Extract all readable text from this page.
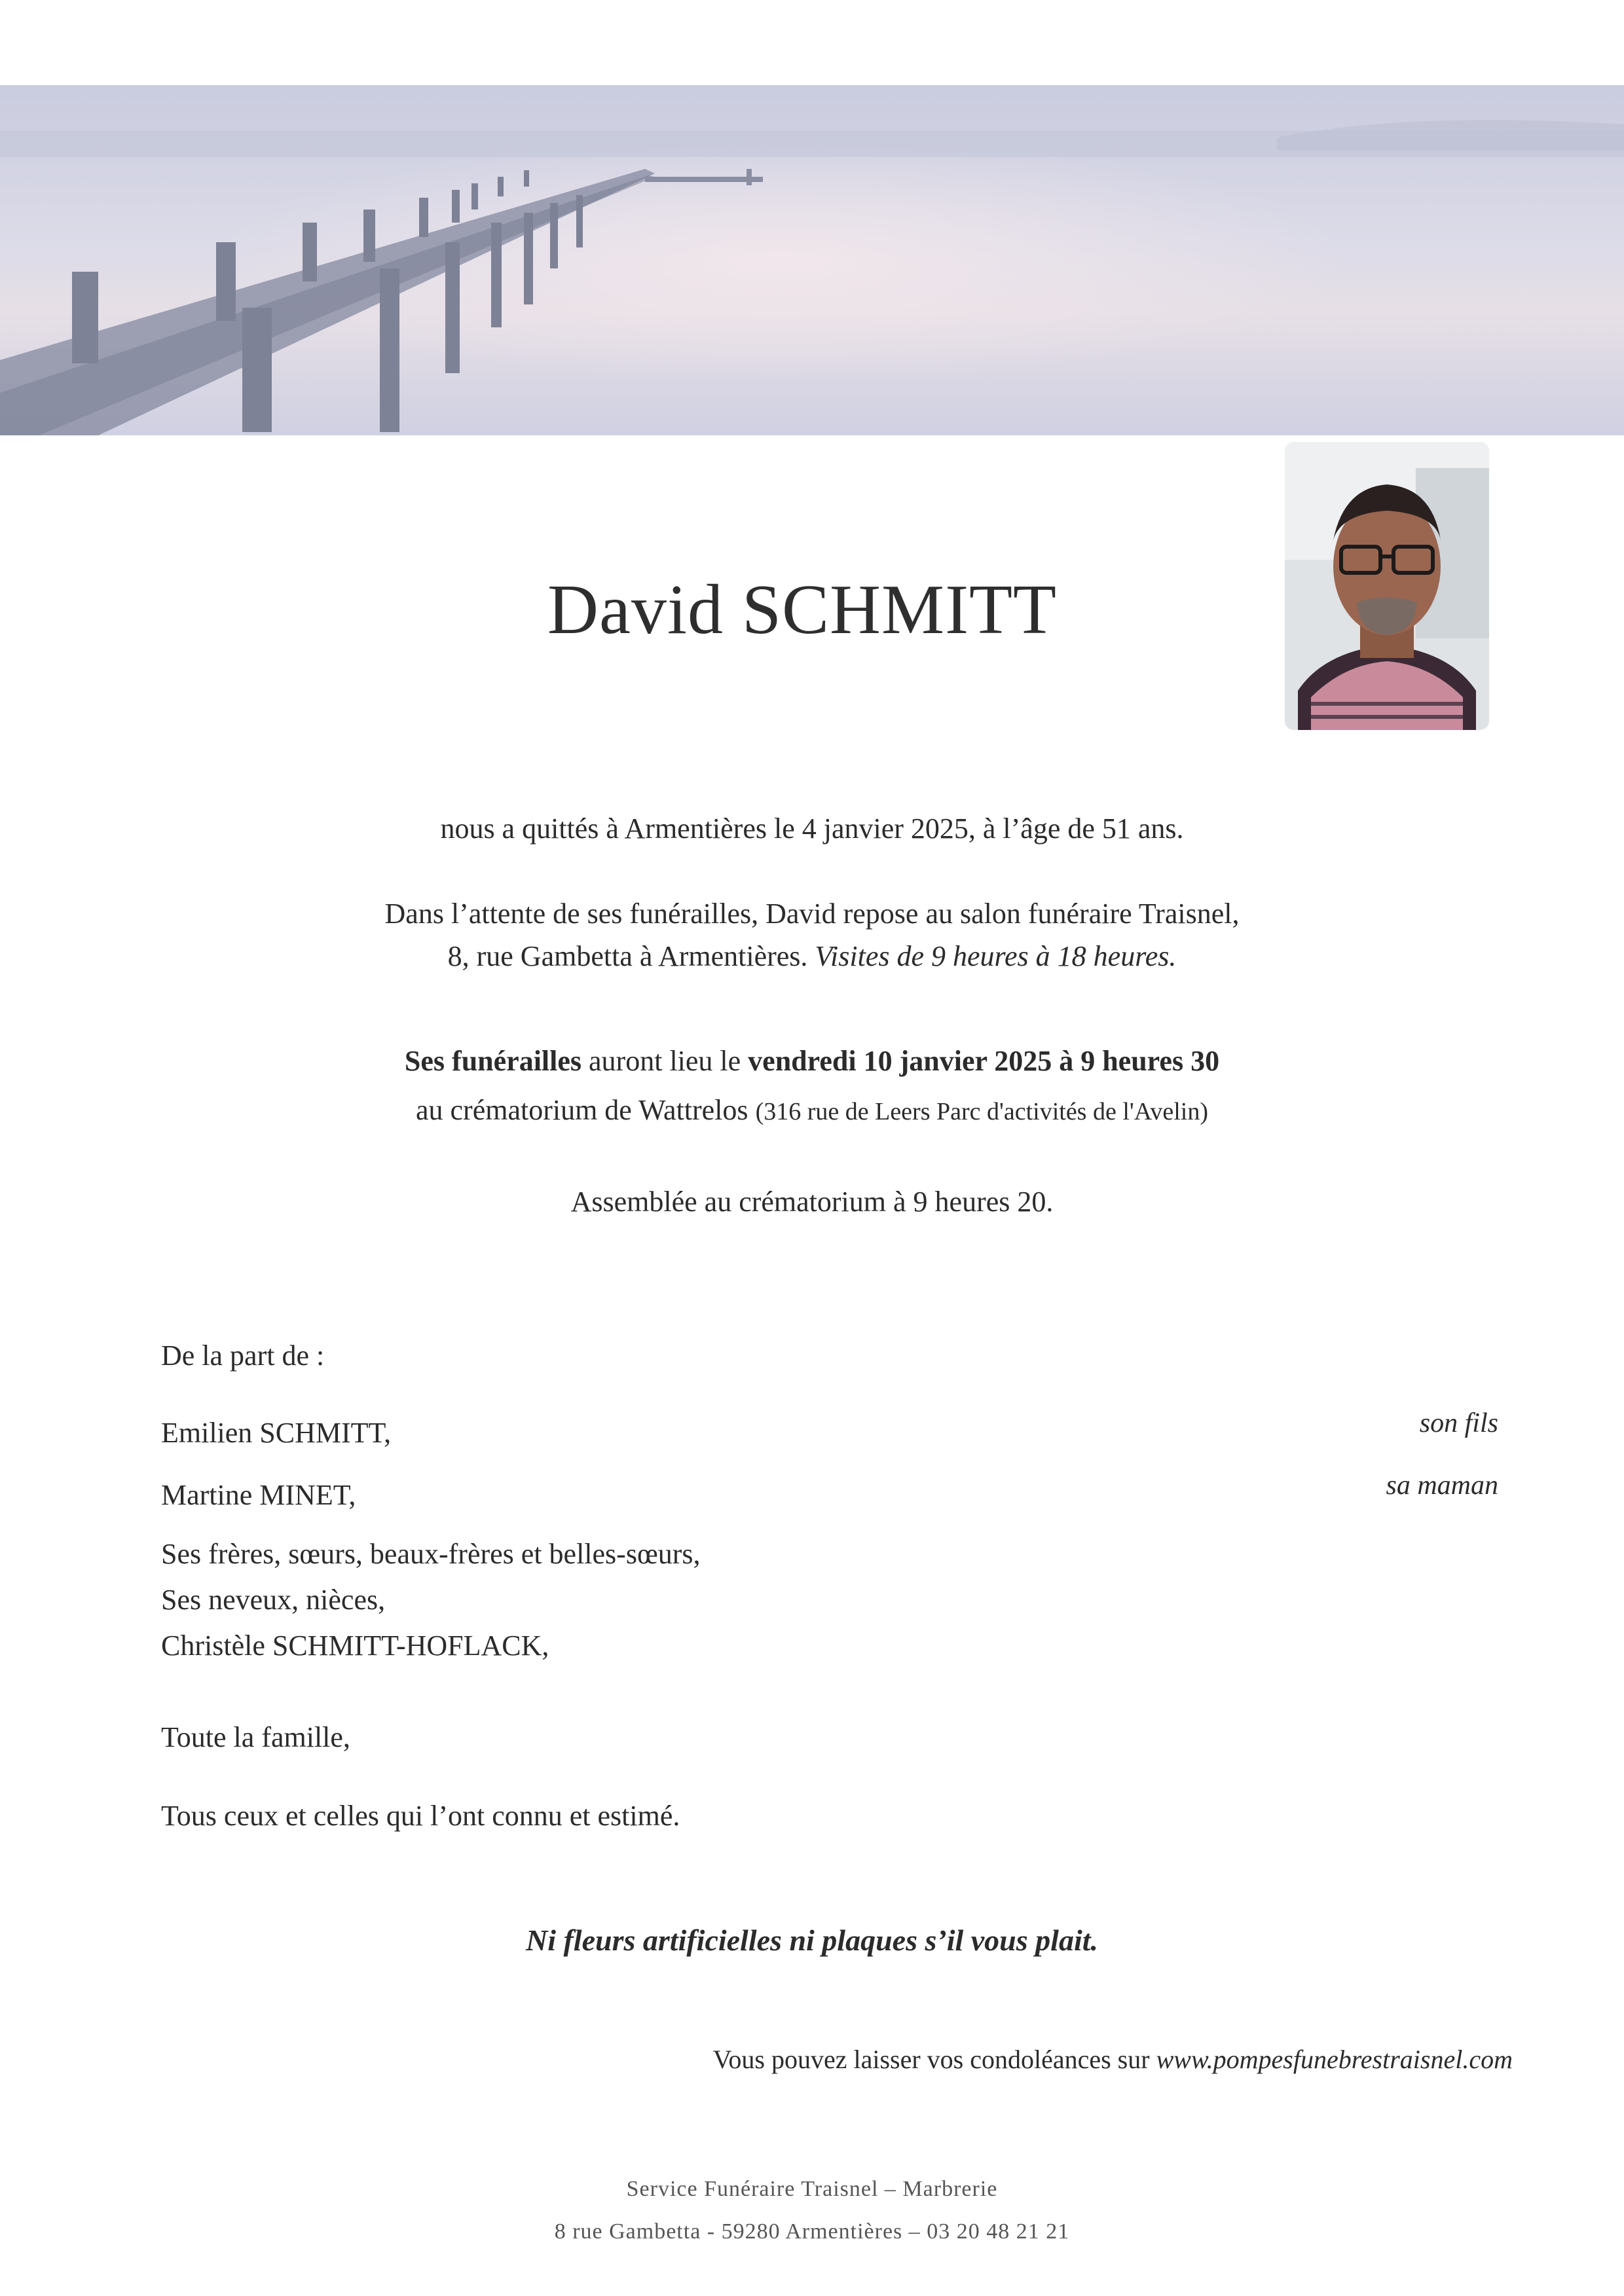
David SCHMITT
nous a quittés à Armentières le 4 janvier 2025, à l’âge de 51 ans.
Dans l’attente de ses funérailles, David repose au salon funéraire Traisnel,
8, rue Gambetta à Armentières. Visites de 9 heures à 18 heures.
Ses funérailles auront lieu le vendredi 10 janvier 2025 à 9 heures 30
au crématorium de Wattrelos (316 rue de Leers Parc d'activités de l'Avelin)
Assemblée au crématorium à 9 heures 20.
De la part de :
Emilien SCHMITT,	son fils
Martine MINET,	sa maman
Ses frères, sœurs, beaux-frères et belles-sœurs,
Ses neveux, nièces,
Christèle SCHMITT-HOFLACK,
Toute la famille,
Tous ceux et celles qui l’ont connu et estimé.
Ni fleurs artificielles ni plaques s’il vous plait.
Vous pouvez laisser vos condoléances sur www.pompesfunebrestraisnel.com
Service Funéraire Traisnel – Marbrerie
8 rue Gambetta - 59280 Armentières – 03 20 48 21 21
